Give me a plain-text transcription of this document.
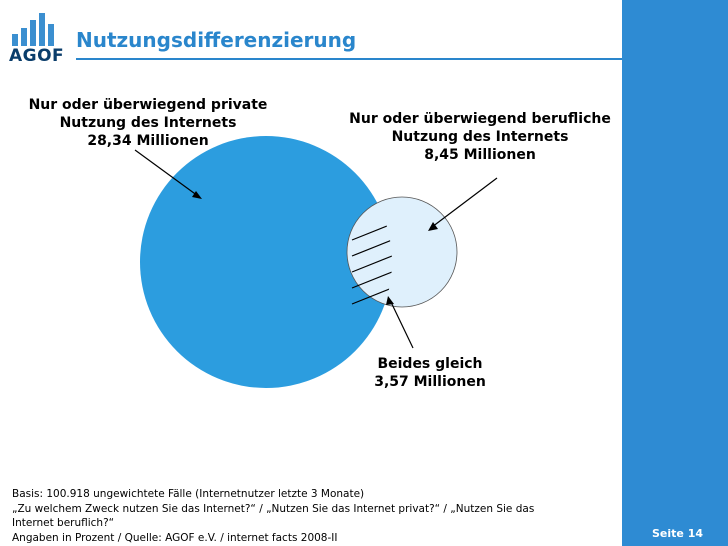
AGOF
Nutzungsdifferenzierung
Nur oder überwiegend private
Nutzung des Internets
28,34 Millionen
Nur oder überwiegend berufliche
Nutzung des Internets
8,45 Millionen
Beides gleich
3,57 Millionen
Basis: 100.918 ungewichtete Fälle (Internetnutzer letzte 3 Monate)
„Zu welchem Zweck nutzen Sie das Internet?“ / „Nutzen Sie das Internet privat?“ / „Nutzen Sie das
Internet beruflich?“
Angaben in Prozent / Quelle: AGOF e.V. / internet facts 2008-II	Seite 14
